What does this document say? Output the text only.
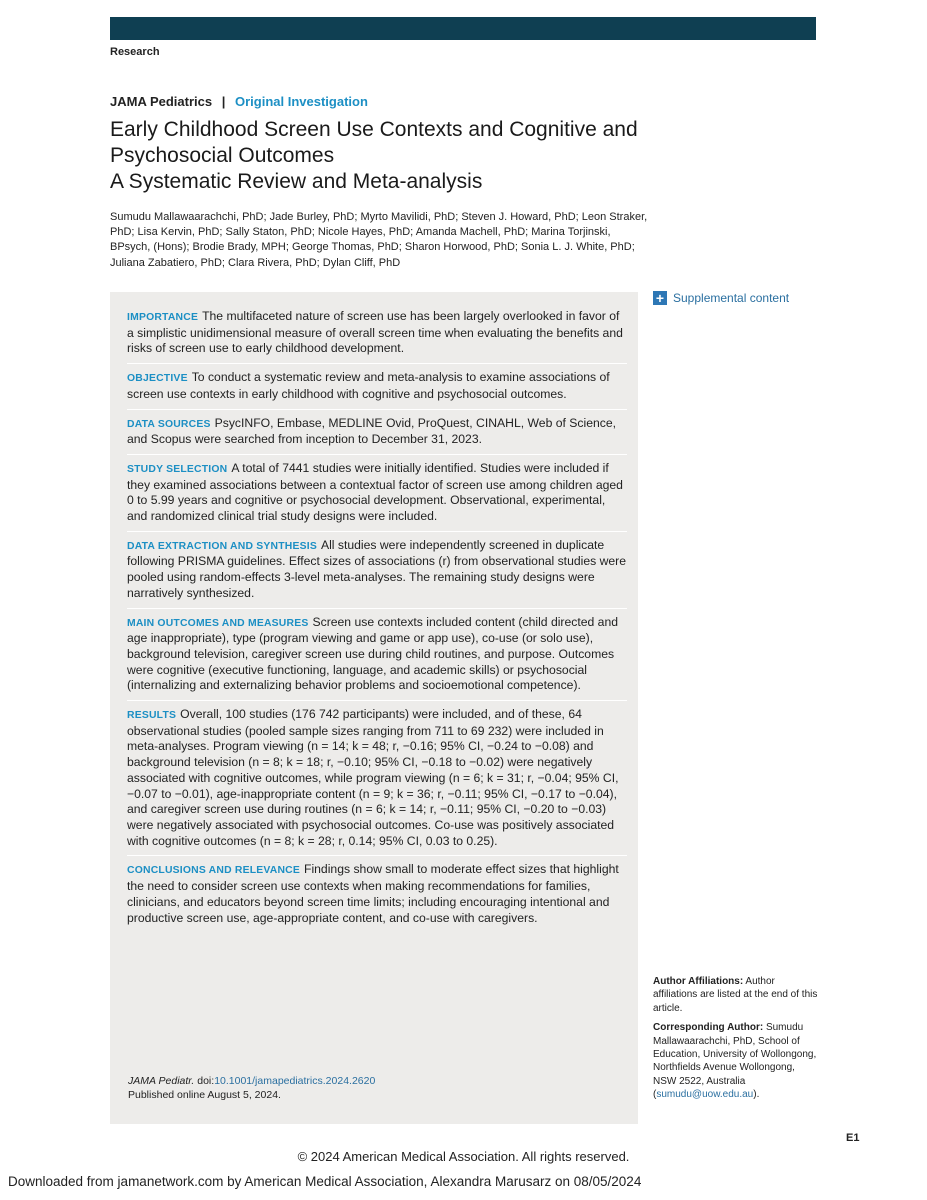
Research
JAMA Pediatrics | Original Investigation
Early Childhood Screen Use Contexts and Cognitive and Psychosocial Outcomes
A Systematic Review and Meta-analysis
Sumudu Mallawaarachchi, PhD; Jade Burley, PhD; Myrto Mavilidi, PhD; Steven J. Howard, PhD; Leon Straker, PhD; Lisa Kervin, PhD; Sally Staton, PhD; Nicole Hayes, PhD; Amanda Machell, PhD; Marina Torjinski, BPsych, (Hons); Brodie Brady, MPH; George Thomas, PhD; Sharon Horwood, PhD; Sonia L. J. White, PhD; Juliana Zabatiero, PhD; Clara Rivera, PhD; Dylan Cliff, PhD
+ Supplemental content
IMPORTANCE The multifaceted nature of screen use has been largely overlooked in favor of a simplistic unidimensional measure of overall screen time when evaluating the benefits and risks of screen use to early childhood development.
OBJECTIVE To conduct a systematic review and meta-analysis to examine associations of screen use contexts in early childhood with cognitive and psychosocial outcomes.
DATA SOURCES PsycINFO, Embase, MEDLINE Ovid, ProQuest, CINAHL, Web of Science, and Scopus were searched from inception to December 31, 2023.
STUDY SELECTION A total of 7441 studies were initially identified. Studies were included if they examined associations between a contextual factor of screen use among children aged 0 to 5.99 years and cognitive or psychosocial development. Observational, experimental, and randomized clinical trial study designs were included.
DATA EXTRACTION AND SYNTHESIS All studies were independently screened in duplicate following PRISMA guidelines. Effect sizes of associations (r) from observational studies were pooled using random-effects 3-level meta-analyses. The remaining study designs were narratively synthesized.
MAIN OUTCOMES AND MEASURES Screen use contexts included content (child directed and age inappropriate), type (program viewing and game or app use), co-use (or solo use), background television, caregiver screen use during child routines, and purpose. Outcomes were cognitive (executive functioning, language, and academic skills) or psychosocial (internalizing and externalizing behavior problems and socioemotional competence).
RESULTS Overall, 100 studies (176 742 participants) were included, and of these, 64 observational studies (pooled sample sizes ranging from 711 to 69 232) were included in meta-analyses. Program viewing (n = 14; k = 48; r, −0.16; 95% CI, −0.24 to −0.08) and background television (n = 8; k = 18; r, −0.10; 95% CI, −0.18 to −0.02) were negatively associated with cognitive outcomes, while program viewing (n = 6; k = 31; r, −0.04; 95% CI, −0.07 to −0.01), age-inappropriate content (n = 9; k = 36; r, −0.11; 95% CI, −0.17 to −0.04), and caregiver screen use during routines (n = 6; k = 14; r, −0.11; 95% CI, −0.20 to −0.03) were negatively associated with psychosocial outcomes. Co-use was positively associated with cognitive outcomes (n = 8; k = 28; r, 0.14; 95% CI, 0.03 to 0.25).
CONCLUSIONS AND RELEVANCE Findings show small to moderate effect sizes that highlight the need to consider screen use contexts when making recommendations for families, clinicians, and educators beyond screen time limits; including encouraging intentional and productive screen use, age-appropriate content, and co-use with caregivers.
JAMA Pediatr. doi:10.1001/jamapediatrics.2024.2620
Published online August 5, 2024.

Author Affiliations: Author affiliations are listed at the end of this article.

Corresponding Author: Sumudu Mallawaarachchi, PhD, School of Education, University of Wollongong, Northfields Avenue Wollongong, NSW 2522, Australia (sumudu@uow.edu.au).

E1
© 2024 American Medical Association. All rights reserved.
Downloaded from jamanetwork.com by American Medical Association, Alexandra Marusarz on 08/05/2024
